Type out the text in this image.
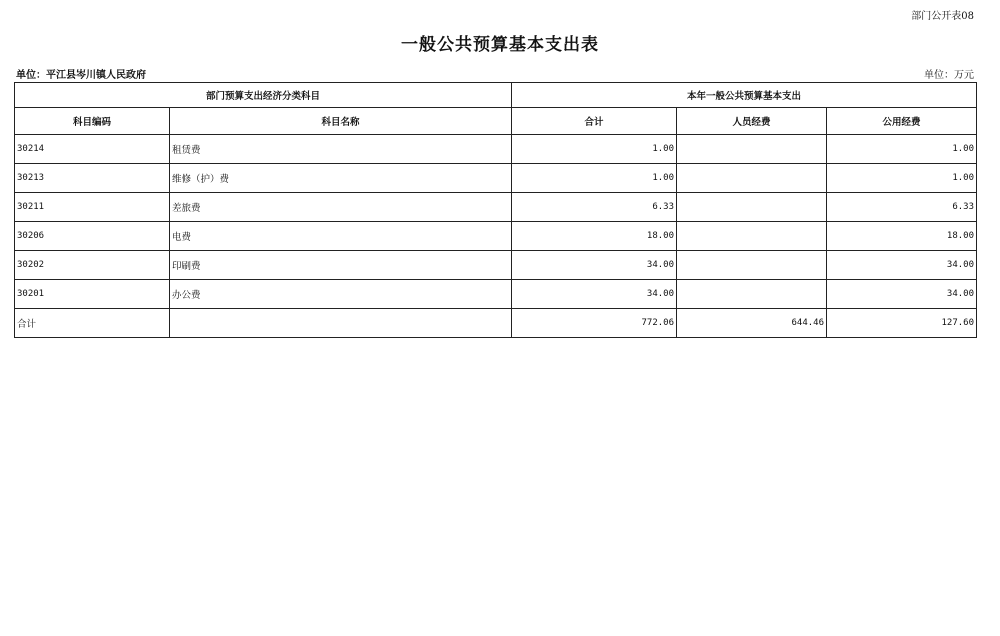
部门公开表08
一般公共预算基本支出表
单位：平江县岑川镇人民政府	单位：万元
部门预算支出经济分类科目		本年一般公共预算基本支出		
科目编码	科目名称	合计	人员经费	公用经费
30214	租赁费	1.00		1.00
30213	维修（护）费	1.00		1.00
30211	差旅费	6.33		6.33
30206	电费	18.00		18.00
30202	印刷费	34.00		34.00
30201	办公费	34.00		34.00
合计		772.06	644.46	127.60
